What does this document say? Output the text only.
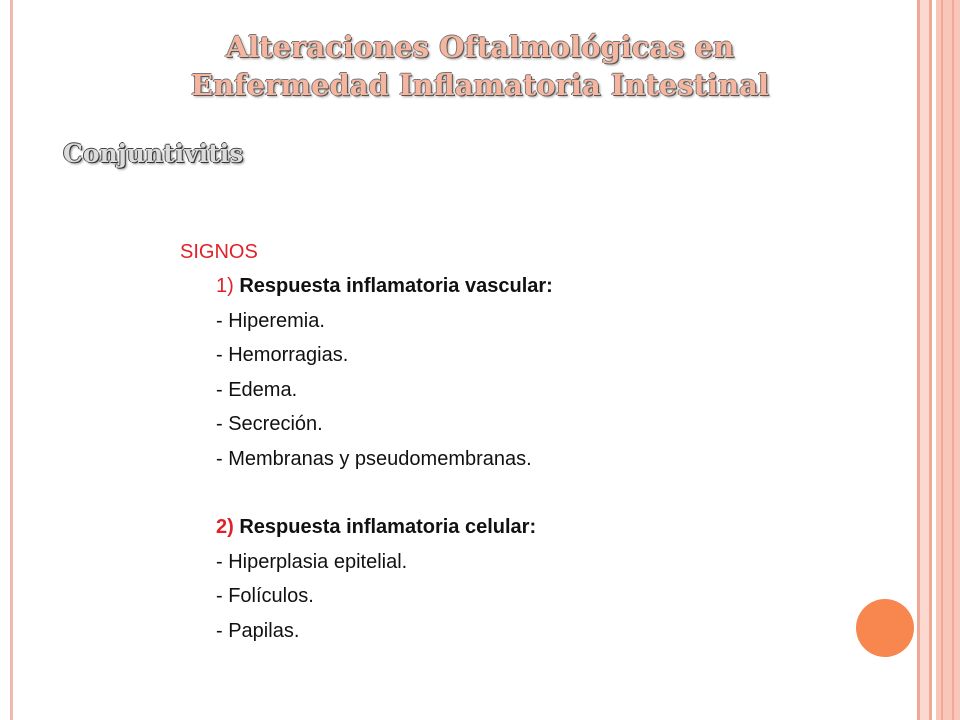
Alteraciones Oftalmológicas en
Enfermedad Inflamatoria Intestinal
Conjuntivitis
SIGNOS
1) Respuesta inflamatoria vascular:
- Hiperemia.
- Hemorragias.
- Edema.
- Secreción.
- Membranas y pseudomembranas.
2) Respuesta inflamatoria celular:
- Hiperplasia epitelial.
- Folículos.
- Papilas.
